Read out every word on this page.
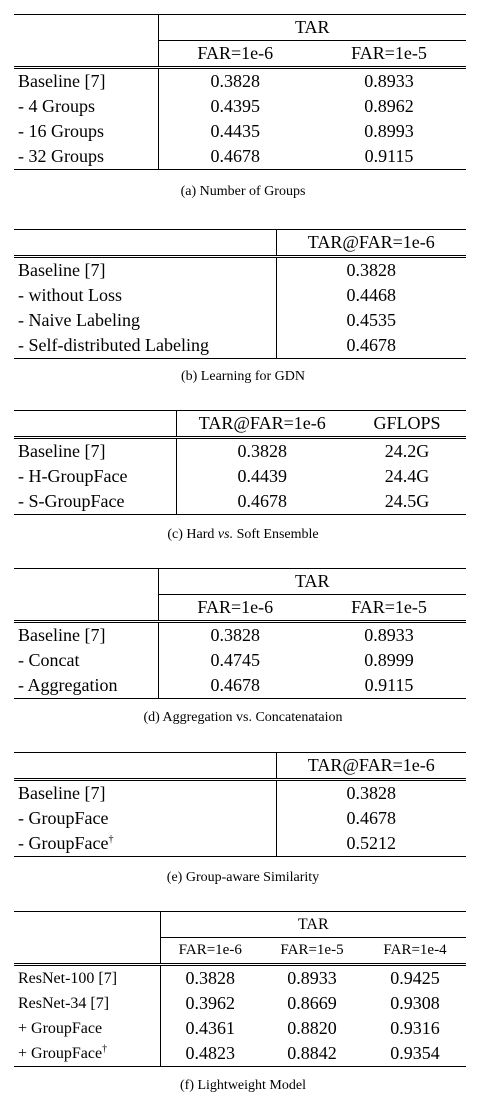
	TAR	
	FAR=1e-6	FAR=1e-5
Baseline [7]	0.3828	0.8933
- 4 Groups	0.4395	0.8962
- 16 Groups	0.4435	0.8993
- 32 Groups	0.4678	0.9115
(a) Number of Groups
	TAR@FAR=1e-6
Baseline [7]	0.3828
- without Loss	0.4468
- Naive Labeling	0.4535
- Self-distributed Labeling	0.4678
(b) Learning for GDN
	TAR@FAR=1e-6	GFLOPS
Baseline [7]	0.3828	24.2G
- H-GroupFace	0.4439	24.4G
- S-GroupFace	0.4678	24.5G
(c) Hard vs. Soft Ensemble
	TAR	
	FAR=1e-6	FAR=1e-5
Baseline [7]	0.3828	0.8933
- Concat	0.4745	0.8999
- Aggregation	0.4678	0.9115
(d) Aggregation vs. Concatenataion
	TAR@FAR=1e-6
Baseline [7]	0.3828
- GroupFace	0.4678
- GroupFace†	0.5212
(e) Group-aware Similarity
	TAR		
	FAR=1e-6	FAR=1e-5	FAR=1e-4
ResNet-100 [7]	0.3828	0.8933	0.9425
ResNet-34 [7]	0.3962	0.8669	0.9308
+ GroupFace	0.4361	0.8820	0.9316
+ GroupFace†	0.4823	0.8842	0.9354
(f) Lightweight Model
